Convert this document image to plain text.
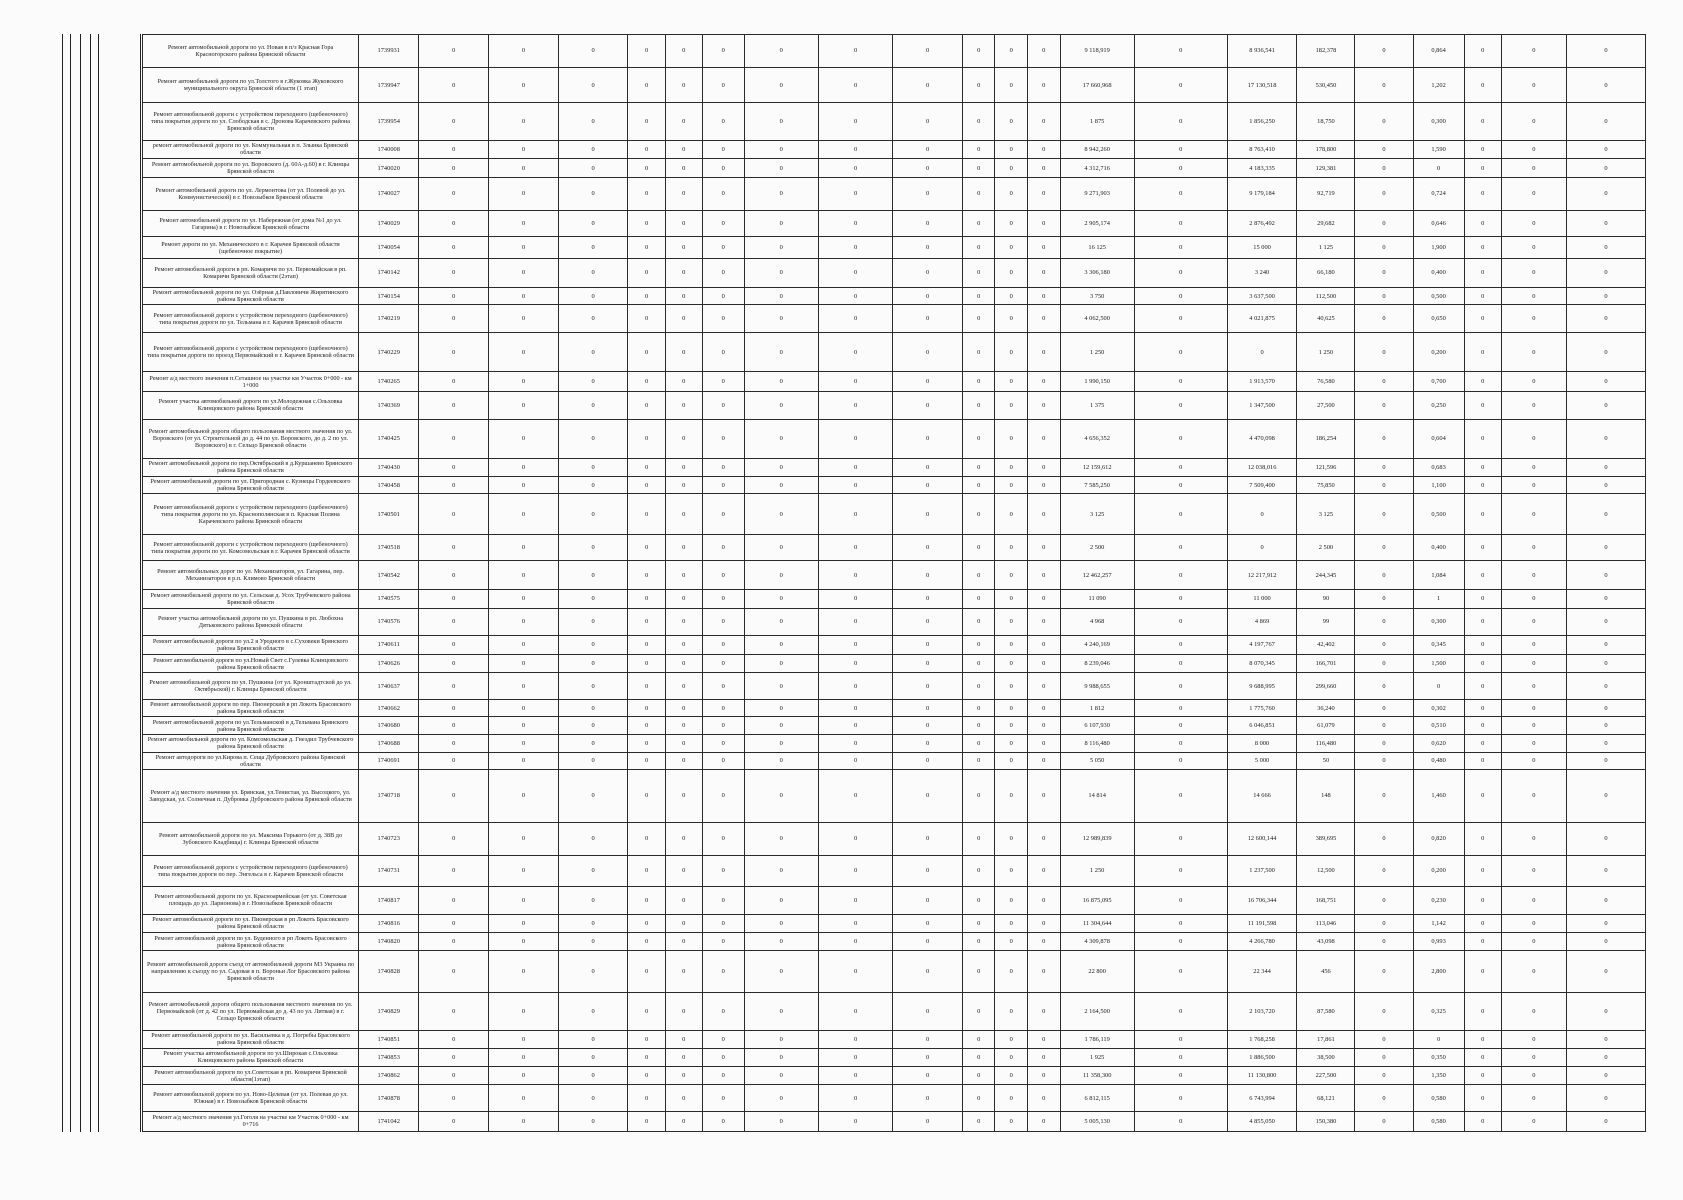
Ремонт автомобильной дороги по ул. Новая в п/з Красная Гора Красногорского района Брянской области	1739931	0	0	0	0	0	0	0	0	0	0	0	0	9 118,919	0	8 936,541	182,378	0	0,864	0	0	0
Ремонт автомобильной дороги по ул.Толстого в г.Жуковка Жуковского муниципального округа Брянской области (1 этап)	1739947	0	0	0	0	0	0	0	0	0	0	0	0	17 660,968	0	17 130,518	530,450	0	1,202	0	0	0
Ремонт автомобильной дороги с устройством переходного (щебеночного) типа покрытия дороги по ул. Слободская в с. Дронова Карачевского района Брянской области	1739954	0	0	0	0	0	0	0	0	0	0	0	0	1 875	0	1 856,250	18,750	0	0,300	0	0	0
ремонт автомобильной дороги по ул. Коммунальная в п. Злынка Брянской области	1740008	0	0	0	0	0	0	0	0	0	0	0	0	8 942,260	0	8 763,410	178,800	0	1,590	0	0	0
Ремонт автомобильной дороги по ул. Воровского (д. 60А-д.60) в г. Клинцы Брянской области	1740020	0	0	0	0	0	0	0	0	0	0	0	0	4 312,716	0	4 183,335	129,381	0	0	0	0	0
Ремонт автомобильной дороги по ул. Лермонтова (от ул. Полевой до ул. Коммунистической) в г. Новозыбков Брянской области	1740027	0	0	0	0	0	0	0	0	0	0	0	0	9 271,903	0	9 179,184	92,719	0	0,724	0	0	0
Ремонт автомобильной дороги по ул. Набережная (от дома №1 до ул. Гагарина) в г. Новозыбков Брянской области	1740029	0	0	0	0	0	0	0	0	0	0	0	0	2 905,174	0	2 876,492	29,682	0	0,646	0	0	0
Ремонт дороги по ул. Механического в г. Карачев Брянской области (щебеночное покрытие)	1740054	0	0	0	0	0	0	0	0	0	0	0	0	16 125	0	15 000	1 125	0	1,900	0	0	0
Ремонт автомобильной дороги в рп. Комаричи по ул. Первомайская в рп. Комаричи Брянской области (2этап)	1740142	0	0	0	0	0	0	0	0	0	0	0	0	3 306,180	0	3 240	66,180	0	0,400	0	0	0
Ремонт автомобильной дороги по ул. Озёрная д.Павловичи Жирятинского района Брянской области	1740154	0	0	0	0	0	0	0	0	0	0	0	0	3 750	0	3 637,500	112,500	0	0,500	0	0	0
Ремонт автомобильной дороги с устройством переходного (щебеночного) типа покрытия дороги по ул. Тельмана в г. Карачев Брянской области	1740219	0	0	0	0	0	0	0	0	0	0	0	0	4 062,500	0	4 021,875	40,625	0	0,650	0	0	0
Ремонт автомобильной дороги с устройством переходного (щебеночного) типа покрытия дороги по проезд Первомайский в г. Карачев Брянской области	1740229	0	0	0	0	0	0	0	0	0	0	0	0	1 250	0	0	1 250	0	0,200	0	0	0
Ремонт а/д местного значения п.Сеташное на участке км Участок 0+000 - км 1+000	1740265	0	0	0	0	0	0	0	0	0	0	0	0	1 990,150	0	1 913,570	76,580	0	0,700	0	0	0
Ремонт участка автомобильной дороги по ул.Молодежная с.Ольховка Клинцовского района Брянской области	1740369	0	0	0	0	0	0	0	0	0	0	0	0	1 375	0	1 347,500	27,500	0	0,250	0	0	0
Ремонт автомобильной дороги общего пользования местного значения по ул. Воровского (от ул. Строительной до д. 44 по ул. Воровского, до д. 2 по ул. Воровского) в г. Сельцо Брянской области	1740425	0	0	0	0	0	0	0	0	0	0	0	0	4 656,352	0	4 470,098	186,254	0	0,604	0	0	0
Ремонт автомобильной дороги по пер.Октябрьский в д.Куршанево Брянского района Брянской области	1740430	0	0	0	0	0	0	0	0	0	0	0	0	12 159,612	0	12 038,016	121,596	0	0,683	0	0	0
Ремонт автомобильной дороги по ул. Пригородная с. Кузнецы Гордеевского района Брянской области	1740458	0	0	0	0	0	0	0	0	0	0	0	0	7 585,250	0	7 509,400	75,850	0	1,100	0	0	0
Ремонт автомобильной дороги с устройством переходного (щебеночного) типа покрытия дороги по ул. Краснополянская в п. Красная Поляна Карачевского района Брянской области	1740501	0	0	0	0	0	0	0	0	0	0	0	0	3 125	0	0	3 125	0	0,500	0	0	0
Ремонт автомобильной дороги с устройством переходного (щебеночного) типа покрытия дороги по ул. Комсомольская в г. Карачев Брянской области	1740518	0	0	0	0	0	0	0	0	0	0	0	0	2 500	0	0	2 500	0	0,400	0	0	0
Ремонт автомобильных дорог по ул. Механизаторов, ул. Гагарина, пер. Механизаторов в р.п. Климово Брянской области	1740542	0	0	0	0	0	0	0	0	0	0	0	0	12 462,257	0	12 217,912	244,345	0	1,084	0	0	0
Ремонт автомобильной дороги по ул. Сельская д. Усох Трубчевского района Брянской области	1740575	0	0	0	0	0	0	0	0	0	0	0	0	11 090	0	11 000	90	0	1	0	0	0
Ремонт участка автомобильной дороги по ул. Пушкина в рп. Любохна Дятьковского района Брянской области	1740576	0	0	0	0	0	0	0	0	0	0	0	0	4 968	0	4 869	99	0	0,300	0	0	0
Ремонт автомобильной дороги по ул.2 я Уродного в с.Суховеки Брянского района Брянской области	1740611	0	0	0	0	0	0	0	0	0	0	0	0	4 240,169	0	4 197,767	42,402	0	0,345	0	0	0
Ремонт автомобильной дороги по ул.Новый Свет с.Гулевка Клинцовского района Брянской области	1740626	0	0	0	0	0	0	0	0	0	0	0	0	8 239,046	0	8 070,345	166,701	0	1,500	0	0	0
Ремонт автомобильной дороги по ул. Пушкина (от ул. Кронштадтской до ул. Октябрьской) г. Клинцы Брянской области	1740637	0	0	0	0	0	0	0	0	0	0	0	0	9 988,655	0	9 688,995	299,660	0	0	0	0	0
Ремонт автомобильной дороги по пер. Пионерский в рп Локоть Брасовского района Брянской области	1740662	0	0	0	0	0	0	0	0	0	0	0	0	1 812	0	1 775,760	36,240	0	0,302	0	0	0
Ремонт автомобильной дороги по ул.Тельманской в д.Тельмана Брянского района Брянской области	1740680	0	0	0	0	0	0	0	0	0	0	0	0	6 107,930	0	6 046,851	61,079	0	0,510	0	0	0
Ремонт автомобильной дороги по ул. Комсомольская д. Гнездил Трубчевского района Брянской области	1740688	0	0	0	0	0	0	0	0	0	0	0	0	8 116,480	0	8 000	116,480	0	0,620	0	0	0
Ремонт автодороги по ул.Кирова п. Сеща Дубровского района Брянской области	1740691	0	0	0	0	0	0	0	0	0	0	0	0	5 050	0	5 000	50	0	0,480	0	0	0
Ремонт а/д местного значения ул. Брянская, ул.Тенистая, ул. Высоцкого, ул. Заводская, ул. Солнечная п. Дубровка Дубровского района Брянской области	1740718	0	0	0	0	0	0	0	0	0	0	0	0	14 814	0	14 666	148	0	1,460	0	0	0
Ремонт автомобильной дороги по ул. Максима Горького (от д. 38В до Зубовского Кладбища) г. Клинцы Брянской области	1740723	0	0	0	0	0	0	0	0	0	0	0	0	12 989,839	0	12 600,144	389,695	0	0,820	0	0	0
Ремонт автомобильной дороги с устройством переходного (щебеночного) типа покрытия дороги по пер. Энгельса в г. Карачев Брянской области	1740731	0	0	0	0	0	0	0	0	0	0	0	0	1 250	0	1 237,500	12,500	0	0,200	0	0	0
Ремонт автомобильной дороги по ул. Красноармейская (от ул. Советская площадь до ул. Ларионова) в г. Новозыбков Брянской области	1740817	0	0	0	0	0	0	0	0	0	0	0	0	16 875,095	0	16 706,344	168,751	0	0,230	0	0	0
Ремонт автомобильной дороги по ул. Пионерская в рп Локоть Брасовского района Брянской области	1740816	0	0	0	0	0	0	0	0	0	0	0	0	11 304,644	0	11 191,598	113,046	0	1,142	0	0	0
Ремонт автомобильной дороги по ул. Буденного в рп Локоть Брасовского района Брянской области	1740820	0	0	0	0	0	0	0	0	0	0	0	0	4 309,878	0	4 266,780	43,098	0	0,993	0	0	0
Ремонт автомобильной дороги съезд от автомобильной дороги М3 Украина по направлению к съезду по ул. Садовая в п. Вороньи Лог Брасовского района Брянской области	1740828	0	0	0	0	0	0	0	0	0	0	0	0	22 800	0	22 344	456	0	2,800	0	0	0
Ремонт автомобильной дороги общего пользования местного значения по ул. Первомайской (от д. 42 по ул. Первомайская до д. 43 по ул. Литвая) в г. Сельцо Брянской области	1740829	0	0	0	0	0	0	0	0	0	0	0	0	2 164,500	0	2 103,720	87,580	0	0,325	0	0	0
Ремонт автомобильной дороги по ул. Васильевка в д. Погребы Брасовского района Брянской области	1740851	0	0	0	0	0	0	0	0	0	0	0	0	1 786,119	0	1 768,258	17,861	0	0	0	0	0
Ремонт участка автомобильной дороги по ул.Широкая с.Ольховка Клинцовского района Брянской области	1740853	0	0	0	0	0	0	0	0	0	0	0	0	1 925	0	1 886,500	38,500	0	0,350	0	0	0
Ремонт автомобильной дороги по ул.Советская в рп. Комаричи Брянской области(1этап)	1740862	0	0	0	0	0	0	0	0	0	0	0	0	11 358,300	0	11 130,800	227,500	0	1,350	0	0	0
Ремонт автомобильной дороги по ул. Ново-Целевая (от ул. Полевая до ул. Южная) в г. Новозыбков Брянской области	1740878	0	0	0	0	0	0	0	0	0	0	0	0	6 812,115	0	6 743,994	68,121	0	0,580	0	0	0
Ремонт а/д местного значения ул.Гоголя на участке км Участок 0+000 - км 0+716	1741042	0	0	0	0	0	0	0	0	0	0	0	0	5 005,130	0	4 855,050	150,380	0	0,580	0	0	0
